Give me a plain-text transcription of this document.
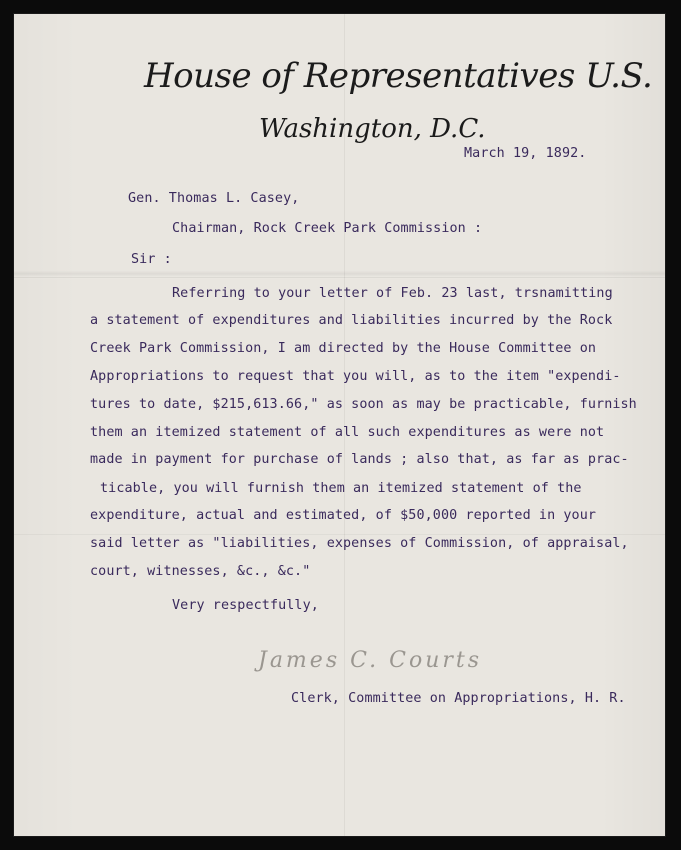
House of Representatives U.S.
Washington, D.C.
March 19, 1892.
Gen. Thomas L. Casey,
Chairman, Rock Creek Park Commission :
Sir :
Referring to your letter of Feb. 23 last, trsnamitting
a statement of expenditures and liabilities incurred by the Rock
Creek Park Commission, I am directed by the House Committee on
Appropriations to request that you will, as to the item "expendi-
tures to date, $215,613.66," as soon as may be practicable, furnish
them an itemized statement of all such expenditures as were not
made in payment for purchase of lands ; also that, as far as prac-
ticable, you will furnish them an itemized statement of the
expenditure, actual and estimated, of $50,000 reported in your
said letter as "liabilities, expenses of Commission, of appraisal,
court, witnesses, &c., &c."
Very respectfully,
James C. Courts
Clerk, Committee on Appropriations, H. R.
